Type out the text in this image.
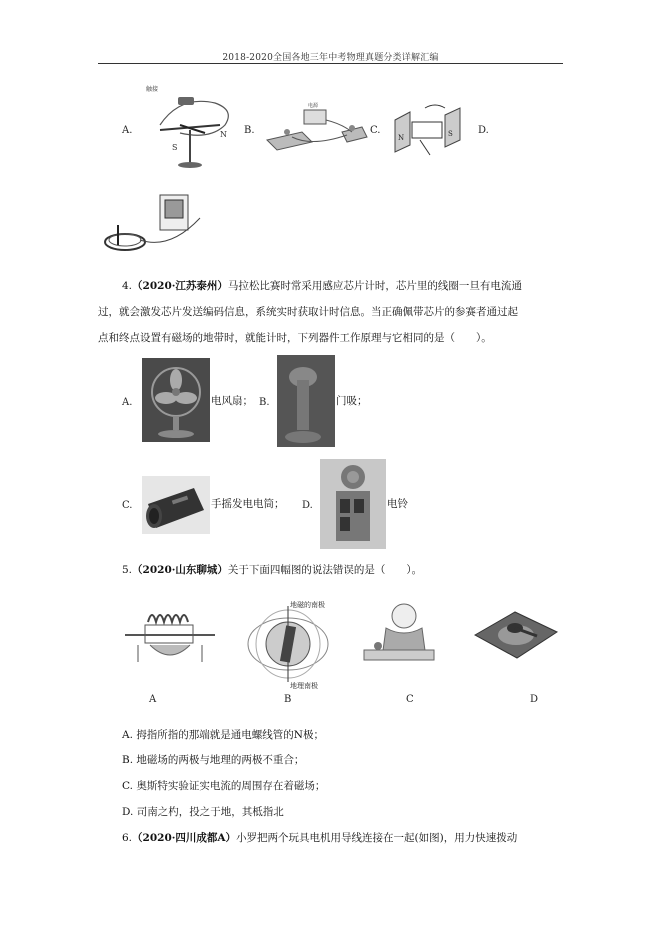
2018-2020全国各地三年中考物理真题分类详解汇编
A.	B.	C.	D.
触接
S
N
电源
N	S
4.（2020·江苏泰州）马拉松比赛时常采用感应芯片计时，芯片里的线圈一旦有电流通
过，就会激发芯片发送编码信息，系统实时获取计时信息。当正确佩带芯片的参赛者通过起
点和终点设置有磁场的地带时，就能计时，下列器件工作原理与它相同的是（　　）。
A.	电风扇； B.	门吸；
C.	手摇发电电筒； D.	电铃
5.（2020·山东聊城）关于下面四幅图的说法错误的是（　　）。
地磁的南极
地理南极
A	B	C	D
A. 拇指所指的那端就是通电螺线管的N极；
B. 地磁场的两极与地理的两极不重合；
C. 奥斯特实验证实电流的周围存在着磁场；
D. 司南之杓，投之于地，其柢指北
6.（2020·四川成都A）小罗把两个玩具电机用导线连接在一起(如图)，用力快速拨动
